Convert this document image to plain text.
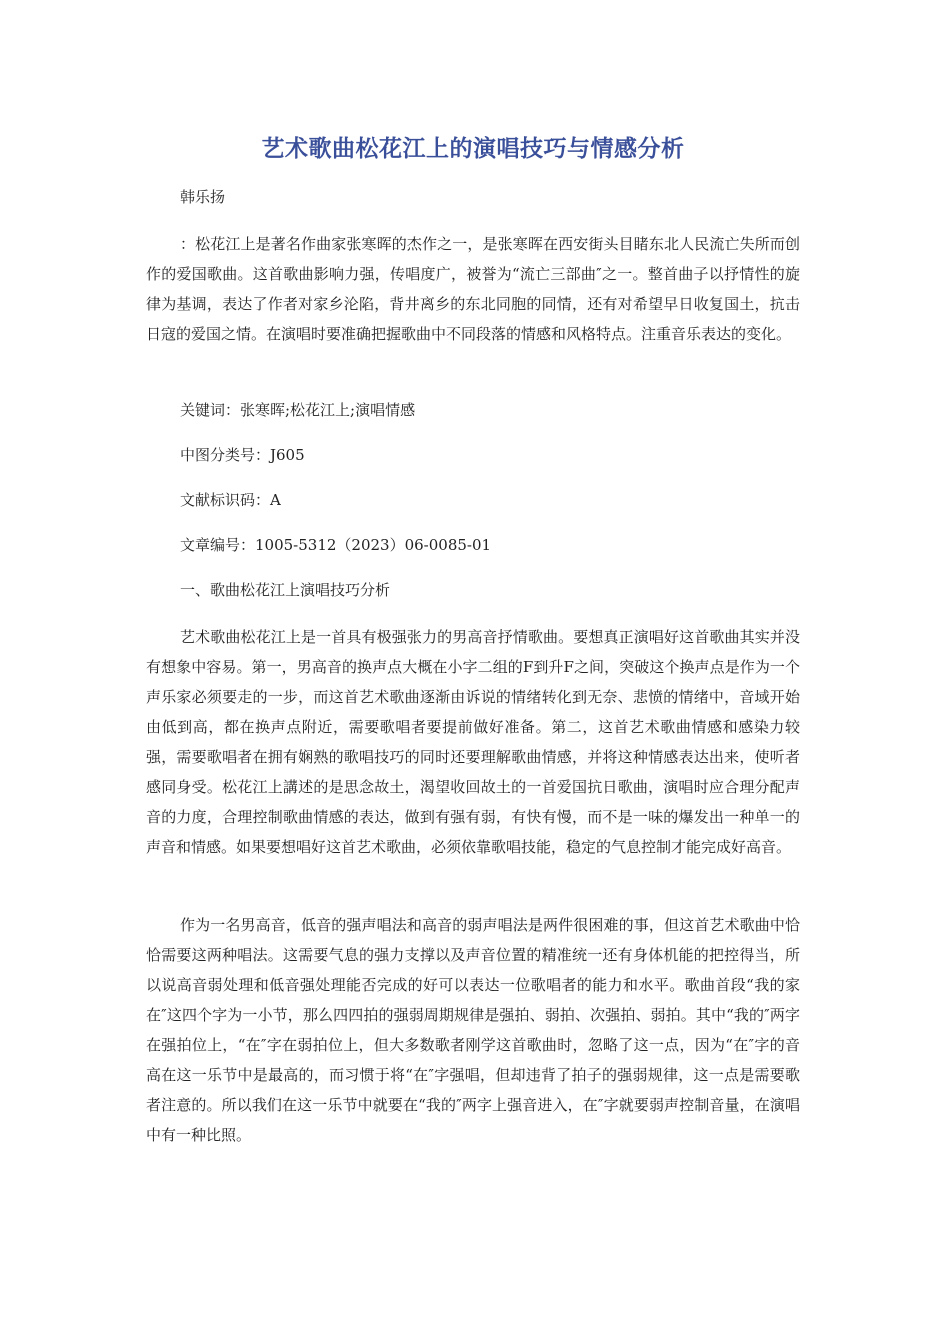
艺术歌曲松花江上的演唱技巧与情感分析
韩乐扬
：松花江上是著名作曲家张寒晖的杰作之一，是张寒晖在西安街头目睹东北人民流亡失所而创作的爱国歌曲。这首歌曲影响力强，传唱度广，被誉为“流亡三部曲″之一。整首曲子以抒情性的旋律为基调，表达了作者对家乡沦陷，背井离乡的东北同胞的同情，还有对希望早日收复国土，抗击日寇的爱国之情。在演唱时要准确把握歌曲中不同段落的情感和风格特点。注重音乐表达的变化。
关键词：张寒晖;松花江上;演唱情感
中图分类号：J605
文献标识码：A
文章编号：1005-5312（2023）06-0085-01
一、歌曲松花江上演唱技巧分析
艺术歌曲松花江上是一首具有极强张力的男高音抒情歌曲。要想真正演唱好这首歌曲其实并没有想象中容易。第一，男高音的换声点大概在小字二组的F到升F之间，突破这个换声点是作为一个声乐家必须要走的一步，而这首艺术歌曲逐渐由诉说的情绪转化到无奈、悲愤的情绪中，音域开始由低到高，都在换声点附近，需要歌唱者要提前做好准备。第二，这首艺术歌曲情感和感染力较强，需要歌唱者在拥有娴熟的歌唱技巧的同时还要理解歌曲情感，并将这种情感表达出来，使听者感同身受。松花江上講述的是思念故土，渴望收回故土的一首爱国抗日歌曲，演唱时应合理分配声音的力度，合理控制歌曲情感的表达，做到有强有弱，有快有慢，而不是一味的爆发出一种单一的声音和情感。如果要想唱好这首艺术歌曲，必须依靠歌唱技能，稳定的气息控制才能完成好高音。
作为一名男高音，低音的强声唱法和高音的弱声唱法是两件很困难的事，但这首艺术歌曲中恰恰需要这两种唱法。这需要气息的强力支撑以及声音位置的精准统一还有身体机能的把控得当，所以说高音弱处理和低音强处理能否完成的好可以表达一位歌唱者的能力和水平。歌曲首段“我的家在″这四个字为一小节，那么四四拍的强弱周期规律是强拍、弱拍、次强拍、弱拍。其中“我的″两字在强拍位上，“在″字在弱拍位上，但大多数歌者刚学这首歌曲时，忽略了这一点，因为“在″字的音高在这一乐节中是最高的，而习惯于将“在″字强唱，但却违背了拍子的强弱规律，这一点是需要歌者注意的。所以我们在这一乐节中就要在“我的″两字上强音进入，在″字就要弱声控制音量，在演唱中有一种比照。
